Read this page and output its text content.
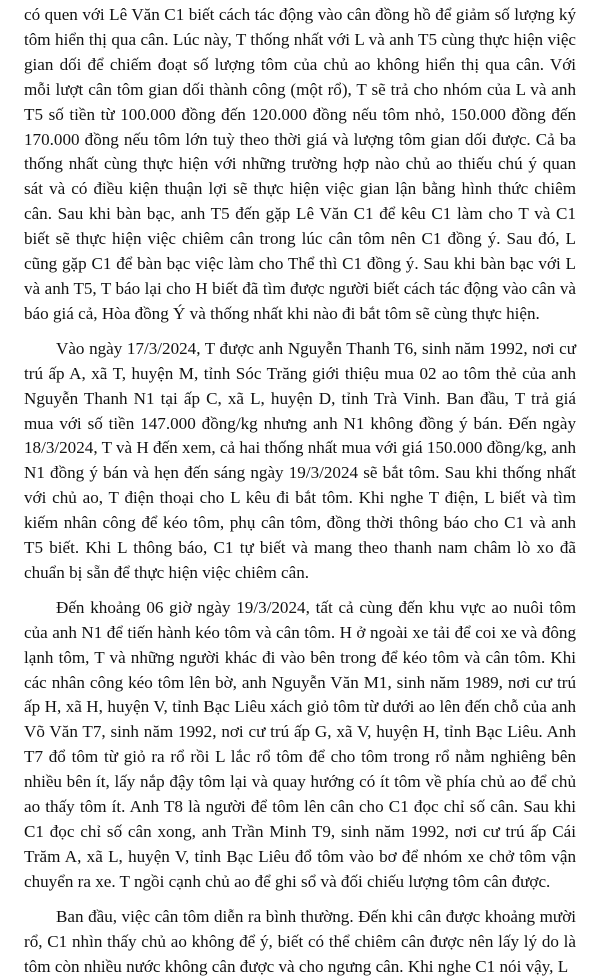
có quen với Lê Văn C1 biết cách tác động vào cân đồng hồ để giảm số lượng ký tôm hiển thị qua cân. Lúc này, T thống nhất với L và anh T5 cùng thực hiện việc gian dối để chiếm đoạt số lượng tôm của chủ ao không hiển thị qua cân. Với mỗi lượt cân tôm gian dối thành công (một rổ), T sẽ trả cho nhóm của L và anh T5 số tiền từ 100.000 đồng đến 120.000 đồng nếu tôm nhỏ, 150.000 đồng đến 170.000 đồng nếu tôm lớn tuỳ theo thời giá và lượng tôm gian dối được. Cả ba thống nhất cùng thực hiện với những trường hợp nào chủ ao thiếu chú ý quan sát và có điều kiện thuận lợi sẽ thực hiện việc gian lận bằng hình thức chiêm cân. Sau khi bàn bạc, anh T5 đến gặp Lê Văn C1 để kêu C1 làm cho T và C1 biết sẽ thực hiện việc chiêm cân trong lúc cân tôm nên C1 đồng ý. Sau đó, L cũng gặp C1 để bàn bạc việc làm cho Thể thì C1 đồng ý. Sau khi bàn bạc với L và anh T5, T báo lại cho H biết đã tìm được người biết cách tác động vào cân và báo giá cả, Hòa đồng Ý và thống nhất khi nào đi bắt tôm sẽ cùng thực hiện.

Vào ngày 17/3/2024, T được anh Nguyễn Thanh T6, sinh năm 1992, nơi cư trú ấp A, xã T, huyện M, tỉnh Sóc Trăng giới thiệu mua 02 ao tôm thẻ của anh Nguyễn Thanh N1 tại ấp C, xã L, huyện D, tỉnh Trà Vinh. Ban đầu, T trả giá mua với số tiền 147.000 đồng/kg nhưng anh N1 không đồng ý bán. Đến ngày 18/3/2024, T và H đến xem, cả hai thống nhất mua với giá 150.000 đồng/kg, anh N1 đồng ý bán và hẹn đến sáng ngày 19/3/2024 sẽ bắt tôm. Sau khi thống nhất với chủ ao, T điện thoại cho L kêu đi bắt tôm. Khi nghe T điện, L biết và tìm kiếm nhân công để kéo tôm, phụ cân tôm, đồng thời thông báo cho C1 và anh T5 biết. Khi L thông báo, C1 tự biết và mang theo thanh nam châm lò xo đã chuẩn bị sẵn để thực hiện việc chiêm cân.

Đến khoảng 06 giờ ngày 19/3/2024, tất cả cùng đến khu vực ao nuôi tôm của anh N1 để tiến hành kéo tôm và cân tôm. H ở ngoài xe tải để coi xe và đông lạnh tôm, T và những người khác đi vào bên trong để kéo tôm và cân tôm. Khi các nhân công kéo tôm lên bờ, anh Nguyễn Văn M1, sinh năm 1989, nơi cư trú ấp H, xã H, huyện V, tỉnh Bạc Liêu xách giỏ tôm từ dưới ao lên đến chỗ của anh Võ Văn T7, sinh năm 1992, nơi cư trú ấp G, xã V, huyện H, tỉnh Bạc Liêu. Anh T7 đổ tôm từ giỏ ra rổ rồi L lắc rổ tôm để cho tôm trong rổ nằm nghiêng bên nhiều bên ít, lấy nắp đậy tôm lại và quay hướng có ít tôm về phía chủ ao để chủ ao thấy tôm ít. Anh T8 là người để tôm lên cân cho C1 đọc chỉ số cân. Sau khi C1 đọc chỉ số cân xong, anh Trần Minh T9, sinh năm 1992, nơi cư trú ấp Cái Trăm A, xã L, huyện V, tỉnh Bạc Liêu đổ tôm vào bơ để nhóm xe chở tôm vận chuyển ra xe. T ngồi cạnh chủ ao để ghi sổ và đối chiếu lượng tôm cân được.

Ban đầu, việc cân tôm diễn ra bình thường. Đến khi cân được khoảng mười rổ, C1 nhìn thấy chủ ao không để ý, biết có thể chiêm cân được nên lấy lý do là tôm còn nhiều nước không cân được và cho ngưng cân. Khi nghe C1 nói vậy, L
